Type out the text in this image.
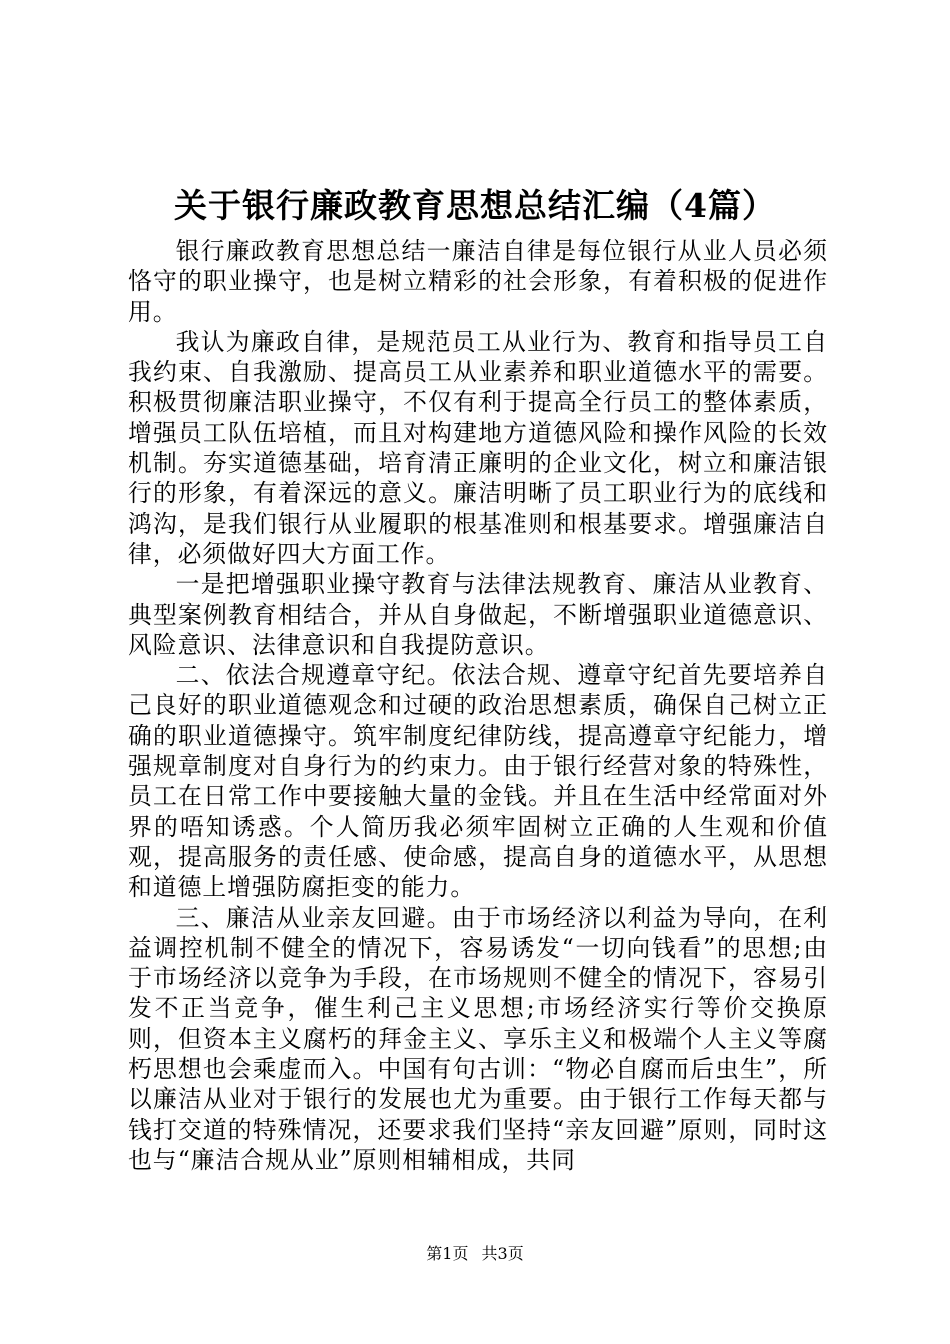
关于银行廉政教育思想总结汇编（4篇）

银行廉政教育思想总结一廉洁自律是每位银行从业人员必须恪守的职业操守，也是树立精彩的社会形象，有着积极的促进作用。

我认为廉政自律，是规范员工从业行为、教育和指导员工自我约束、自我激励、提高员工从业素养和职业道德水平的需要。积极贯彻廉洁职业操守，不仅有利于提高全行员工的整体素质，增强员工队伍培植，而且对构建地方道德风险和操作风险的长效机制。夯实道德基础，培育清正廉明的企业文化，树立和廉洁银行的形象，有着深远的意义。廉洁明晰了员工职业行为的底线和鸿沟，是我们银行从业履职的根基准则和根基要求。增强廉洁自律，必须做好四大方面工作。

一是把增强职业操守教育与法律法规教育、廉洁从业教育、典型案例教育相结合，并从自身做起，不断增强职业道德意识、风险意识、法律意识和自我提防意识。

二、依法合规遵章守纪。依法合规、遵章守纪首先要培养自己良好的职业道德观念和过硬的政治思想素质，确保自己树立正确的职业道德操守。筑牢制度纪律防线，提高遵章守纪能力，增强规章制度对自身行为的约束力。由于银行经营对象的特殊性，员工在日常工作中要接触大量的金钱。并且在生活中经常面对外界的唔知诱惑。个人简历我必须牢固树立正确的人生观和价值观，提高服务的责任感、使命感，提高自身的道德水平，从思想和道德上增强防腐拒变的能力。

三、廉洁从业亲友回避。由于市场经济以利益为导向，在利益调控机制不健全的情况下，容易诱发“一切向钱看”的思想;由于市场经济以竞争为手段，在市场规则不健全的情况下，容易引发不正当竞争，催生利己主义思想;市场经济实行等价交换原则，但资本主义腐朽的拜金主义、享乐主义和极端个人主义等腐朽思想也会乘虚而入。中国有句古训：“物必自腐而后虫生”，所以廉洁从业对于银行的发展也尤为重要。由于银行工作每天都与钱打交道的特殊情况，还要求我们坚持“亲友回避”原则，同时这也与“廉洁合规从业”原则相辅相成，共同

第1页 共3页
